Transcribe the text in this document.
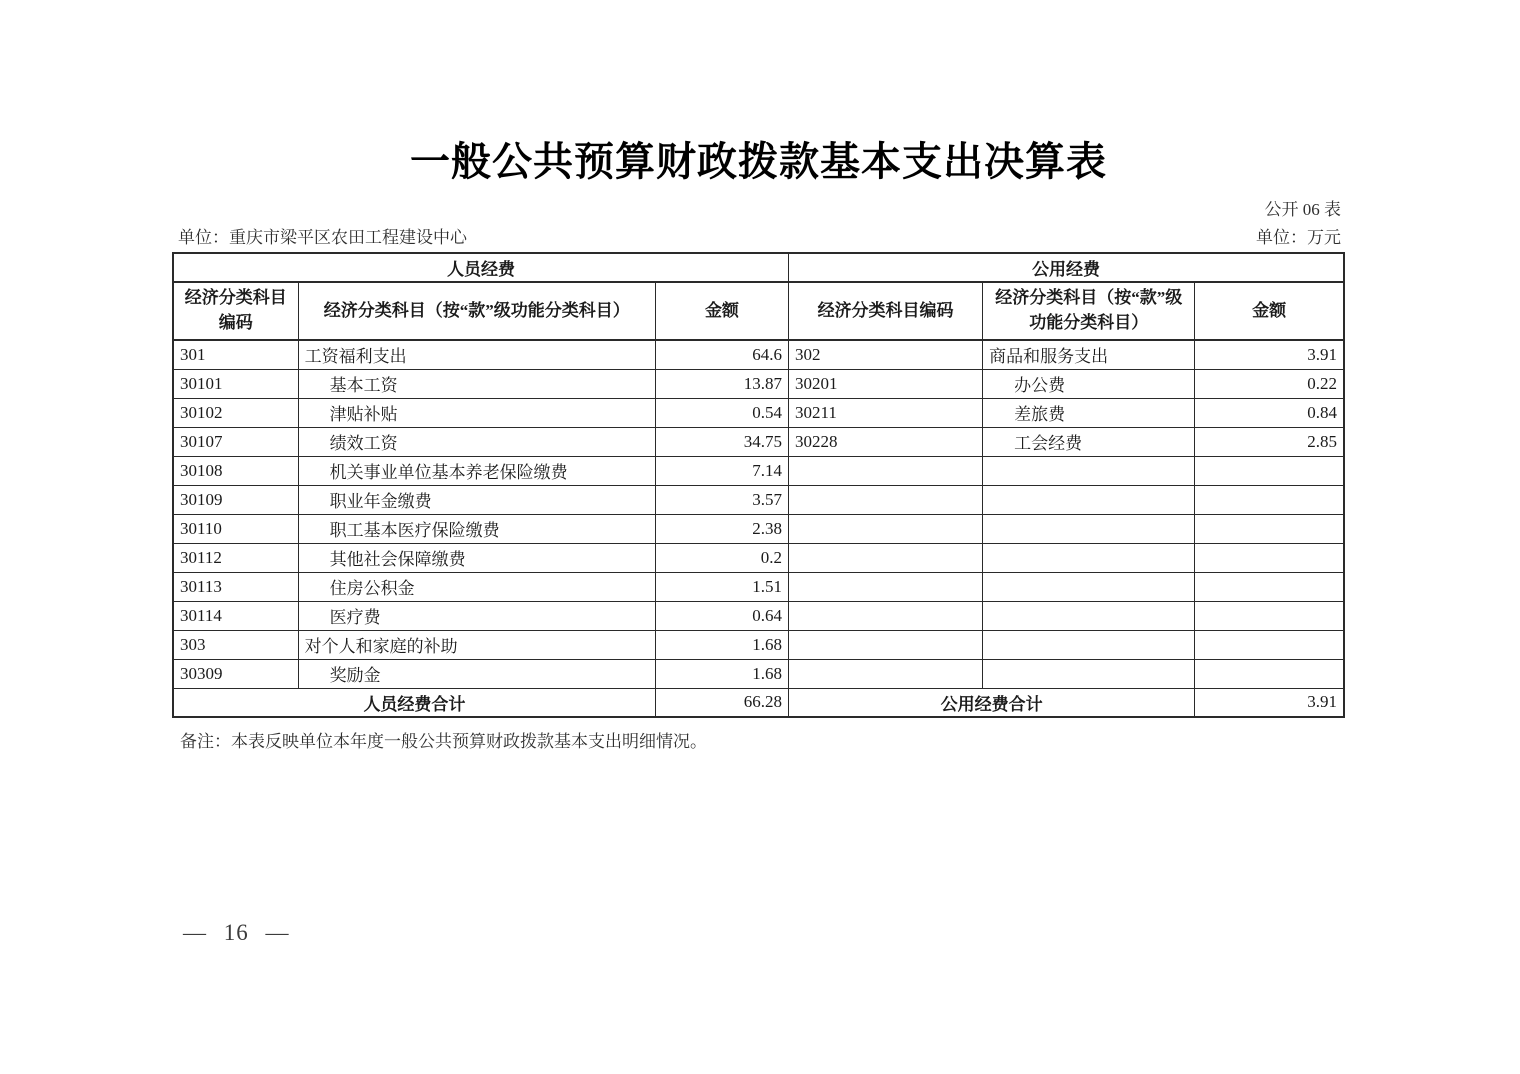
一般公共预算财政拨款基本支出决算表
公开 06 表
单位：重庆市梁平区农田工程建设中心	单位：万元
人员经费			公用经费		
经济分类科目编码	经济分类科目（按“款”级功能分类科目）	金额	经济分类科目编码	经济分类科目（按“款”级功能分类科目）	金额
301	工资福利支出	64.6	302	商品和服务支出	3.91
30101	基本工资	13.87	30201	办公费	0.22
30102	津贴补贴	0.54	30211	差旅费	0.84
30107	绩效工资	34.75	30228	工会经费	2.85
30108	机关事业单位基本养老保险缴费	7.14			
30109	职业年金缴费	3.57			
30110	职工基本医疗保险缴费	2.38			
30112	其他社会保障缴费	0.2			
30113	住房公积金	1.51			
30114	医疗费	0.64			
303	对个人和家庭的补助	1.68			
30309	奖励金	1.68			
人员经费合计		66.28	公用经费合计		3.91
备注：本表反映单位本年度一般公共预算财政拨款基本支出明细情况。
— 16 —
